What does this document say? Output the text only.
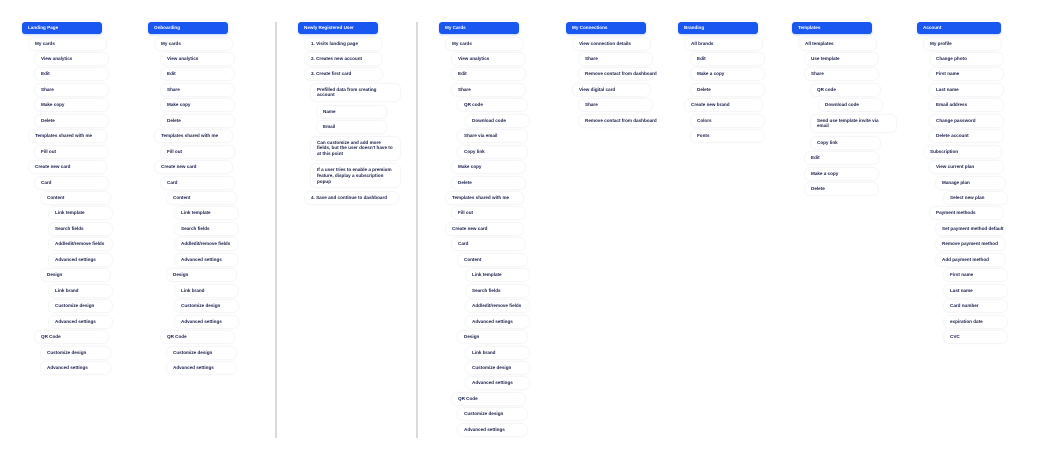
Landing Page
My cards
View analytics
Edit
Share
Make copy
Delete
Templates shared with me
Fill out
Create new card
Card
Content
Link template
Search fields
Add/edit/remove fields
Advanced settings
Design
Link brand
Customize design
Advanced settings
QR Code
Customize design
Advanced settings
Onboarding
My cards
View analytics
Edit
Share
Make copy
Delete
Templates shared with me
Fill out
Create new card
Card
Content
Link template
Search fields
Add/edit/remove fields
Advanced settings
Design
Link brand
Customize design
Advanced settings
QR Code
Customize design
Advanced settings
Newly Registered User
1. Visits landing page
2. Creates new account
3. Create first card
Prefilled data from creating account
Name
Email
Can customize and add more fields, but the user doesn't have to at this point
If a user tries to enable a premium feature, display a subscription popup
4. Save and continue to dashboard
My Cards
My cards
View analytics
Edit
Share
QR code
Download code
Share via email
Copy link
Make copy
Delete
Templates shared with me
Fill out
Create new card
Card
Content
Link template
Search fields
Add/edit/remove fields
Advanced settings
Design
Link brand
Customize design
Advanced settings
QR Code
Customize design
Advanced settings
My Connections
View connection details
Share
Remove contact from dashboard
View digital card
Share
Remove contact from dashboard
Branding
All brands
Edit
Make a copy
Delete
Create new brand
Colors
Fonts
Templates
All templates
Use template
Share
QR code
Download code
Send use template invite via email
Copy link
Edit
Make a copy
Delete
Account
My profile
Change photo
First name
Last name
Email address
Change password
Delete account
Subscription
View current plan
Manage plan
Select new plan
Payment methods
Set payment method default
Remove payment method
Add payment method
First name
Last name
Card number
expiration date
CVC
